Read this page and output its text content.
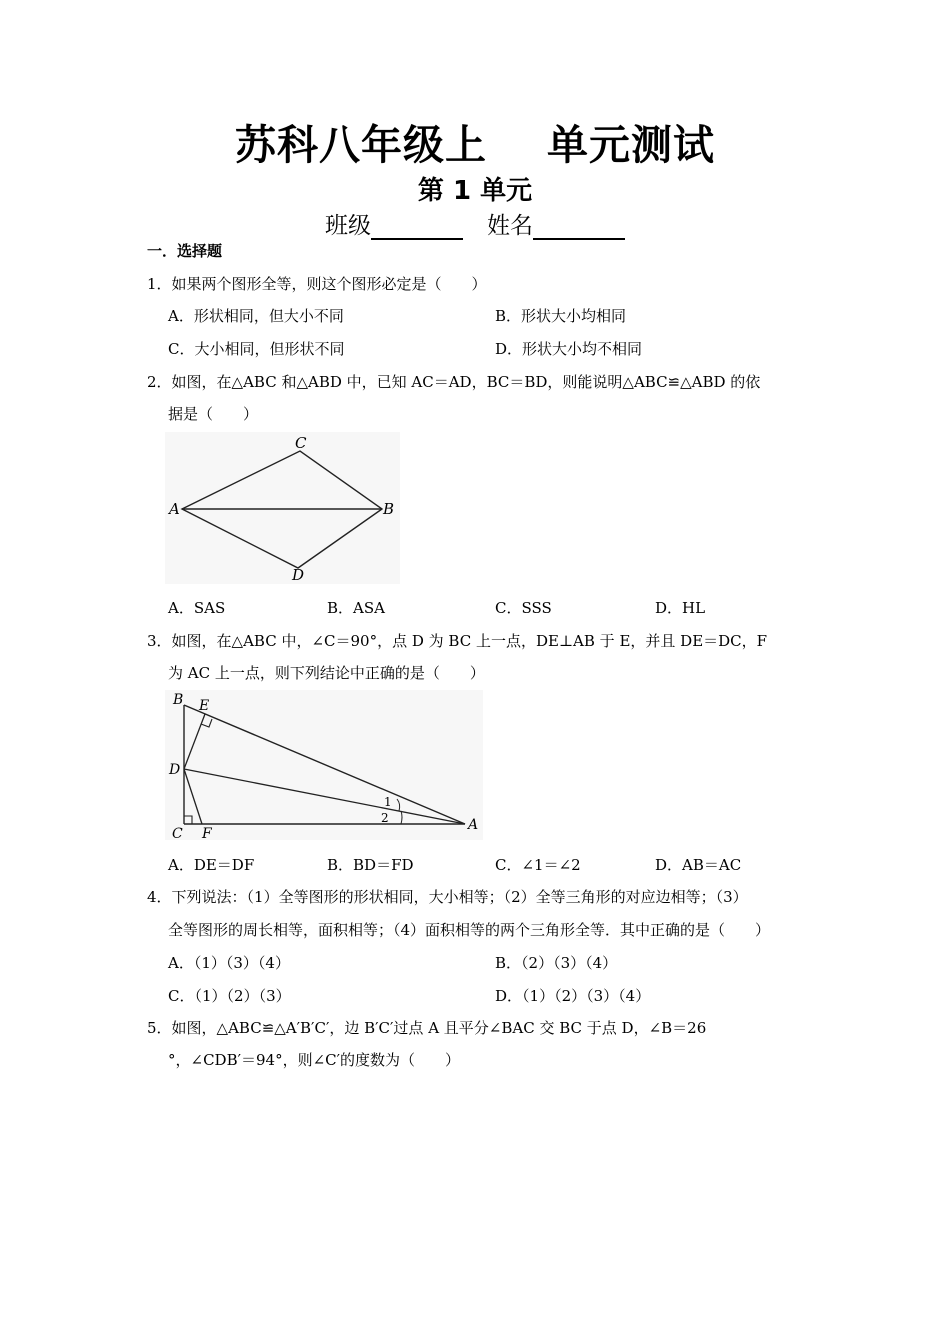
苏科八年级上 单元测试
第 1 单元
班级	姓名
一．选择题
1．如果两个图形全等，则这个图形必定是（　　）
A．形状相同，但大小不同	B．形状大小均相同
C．大小相同，但形状不同	D．形状大小均不相同
2．如图，在△ABC 和△ABD 中，已知 AC＝AD，BC＝BD，则能说明△ABC≌△ABD 的依
据是（　　）
C
A	B
D
A．SAS	B．ASA	C．SSS	D．HL
3．如图，在△ABC 中，∠C＝90°，点 D 为 BC 上一点，DE⊥AB 于 E，并且 DE＝DC，F
为 AC 上一点，则下列结论中正确的是（　　）
B E
D
C F
A
1
2
A．DE＝DF	B．BD＝FD	C．∠1＝∠2	D．AB＝AC
4．下列说法：（1）全等图形的形状相同，大小相等；（2）全等三角形的对应边相等；（3）
全等图形的周长相等，面积相等；（4）面积相等的两个三角形全等．其中正确的是（　　）
A．（1）（3）（4）	B．（2）（3）（4）
C．（1）（2）（3）	D．（1）（2）（3）（4）
5．如图，△ABC≌△A′B′C′，边 B′C′过点 A 且平分∠BAC 交 BC 于点 D，∠B＝26
°，∠CDB′＝94°，则∠C′的度数为（　　）
